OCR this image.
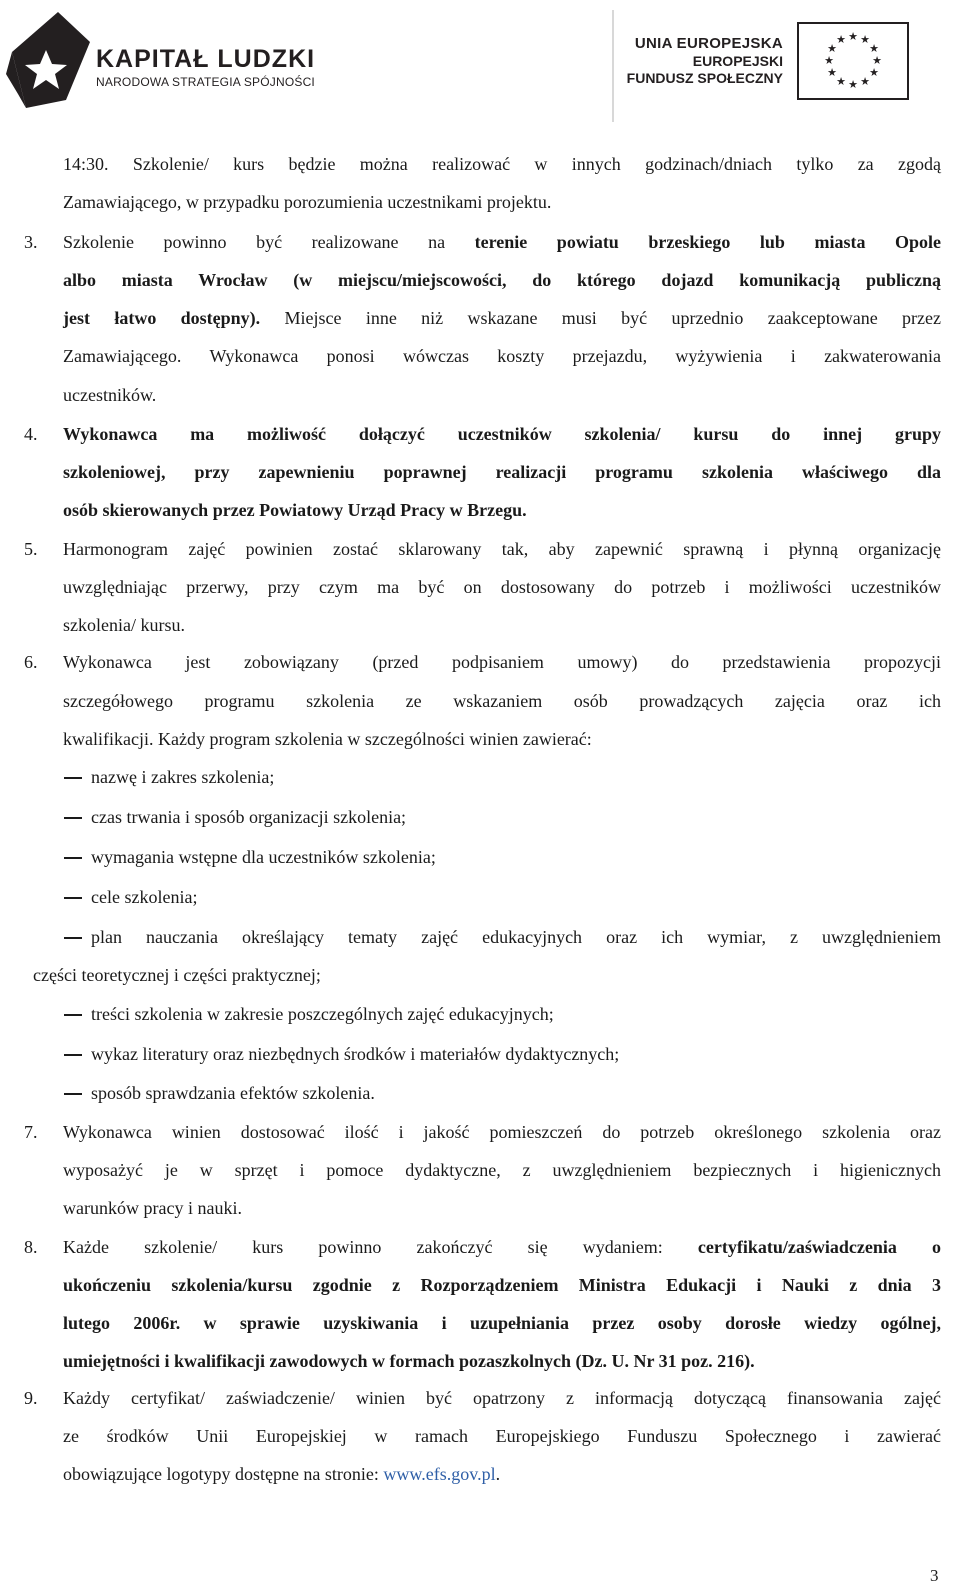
KAPITAŁ LUDZKI
NARODOWA STRATEGIA SPÓJNOŚCI
UNIA EUROPEJSKA
EUROPEJSKI
FUNDUSZ SPOŁECZNY
★ ★
★
★
★
★
★
★
★
★
★
★
14:30. Szkolenie/ kurs będzie można realizować w innych godzinach/dniach tylko za zgodą
Zamawiającego, w przypadku porozumienia uczestnikami projektu.
3. Szkolenie powinno być realizowane na terenie powiatu brzeskiego lub miasta Opole
albo miasta Wrocław (w miejscu/miejscowości, do którego dojazd komunikacją publiczną
jest łatwo dostępny). Miejsce inne niż wskazane musi być uprzednio zaakceptowane przez
Zamawiającego. Wykonawca ponosi wówczas koszty przejazdu, wyżywienia i zakwaterowania
uczestników.
4. Wykonawca ma możliwość dołączyć uczestników szkolenia/ kursu do innej grupy
szkoleniowej, przy zapewnieniu poprawnej realizacji programu szkolenia właściwego dla
osób skierowanych przez Powiatowy Urząd Pracy w Brzegu.
5. Harmonogram zajęć powinien zostać sklarowany tak, aby zapewnić sprawną i płynną organizację
uwzględniając przerwy, przy czym ma być on dostosowany do potrzeb i możliwości uczestników
szkolenia/ kursu.
6. Wykonawca jest zobowiązany (przed podpisaniem umowy) do przedstawienia propozycji
szczegółowego programu szkolenia ze wskazaniem osób prowadzących zajęcia oraz ich
kwalifikacji. Każdy program szkolenia w szczególności winien zawierać:
nazwę i zakres szkolenia;
czas trwania i sposób organizacji szkolenia;
wymagania wstępne dla uczestników szkolenia;
cele szkolenia;
plan nauczania określający tematy zajęć edukacyjnych oraz ich wymiar, z uwzględnieniem
części teoretycznej i części praktycznej;
treści szkolenia w zakresie poszczególnych zajęć edukacyjnych;
wykaz literatury oraz niezbędnych środków i materiałów dydaktycznych;
sposób sprawdzania efektów szkolenia.
7. Wykonawca winien dostosować ilość i jakość pomieszczeń do potrzeb określonego szkolenia oraz
wyposażyć je w sprzęt i pomoce dydaktyczne, z uwzględnieniem bezpiecznych i higienicznych
warunków pracy i nauki.
8. Każde szkolenie/ kurs powinno zakończyć się wydaniem: certyfikatu/zaświadczenia o
ukończeniu szkolenia/kursu zgodnie z Rozporządzeniem Ministra Edukacji i Nauki z dnia 3
lutego 2006r. w sprawie uzyskiwania i uzupełniania przez osoby dorosłe wiedzy ogólnej,
umiejętności i kwalifikacji zawodowych w formach pozaszkolnych (Dz. U. Nr 31 poz. 216).
9. Każdy certyfikat/ zaświadczenie/ winien być opatrzony z informacją dotyczącą finansowania zajęć
ze środków Unii Europejskiej w ramach Europejskiego Funduszu Społecznego i zawierać
obowiązujące logotypy dostępne na stronie: www.efs.gov.pl.
3
